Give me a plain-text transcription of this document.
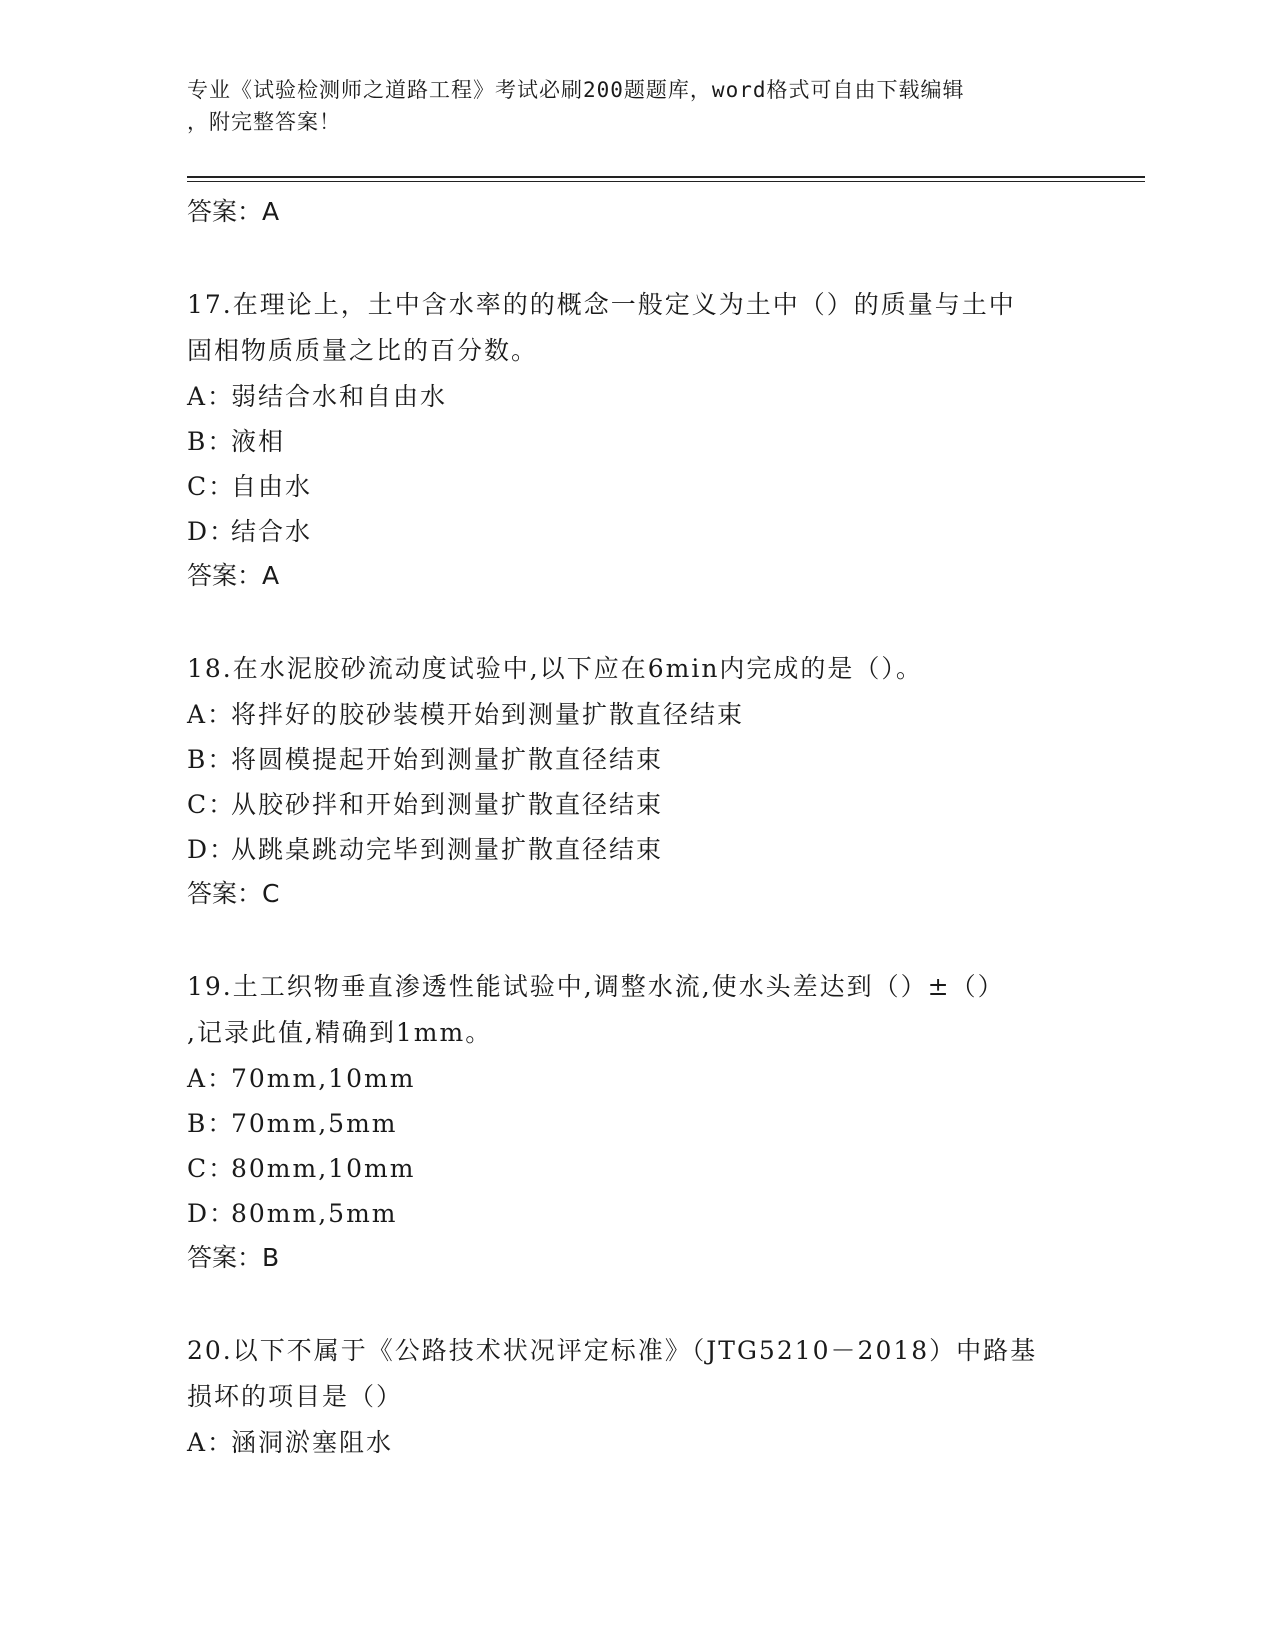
专业《试验检测师之道路工程》考试必刷200题题库，word格式可自由下载编辑
，附完整答案！
答案：A
17.在理论上，土中含水率的的概念一般定义为土中（）的质量与土中
固相物质质量之比的百分数。
A：弱结合水和自由水
B：液相
C：自由水
D：结合水
答案：A
18.在水泥胶砂流动度试验中,以下应在6min内完成的是（）。
A：将拌好的胶砂装模开始到测量扩散直径结束
B：将圆模提起开始到测量扩散直径结束
C：从胶砂拌和开始到测量扩散直径结束
D：从跳桌跳动完毕到测量扩散直径结束
答案：C
19.土工织物垂直渗透性能试验中,调整水流,使水头差达到（）±（）
,记录此值,精确到1mm。
A：70mm,10mm
B：70mm,5mm
C：80mm,10mm
D：80mm,5mm
答案：B
20.以下不属于《公路技术状况评定标准》（JTG5210－2018）中路基
损坏的项目是（）
A：涵洞淤塞阻水
